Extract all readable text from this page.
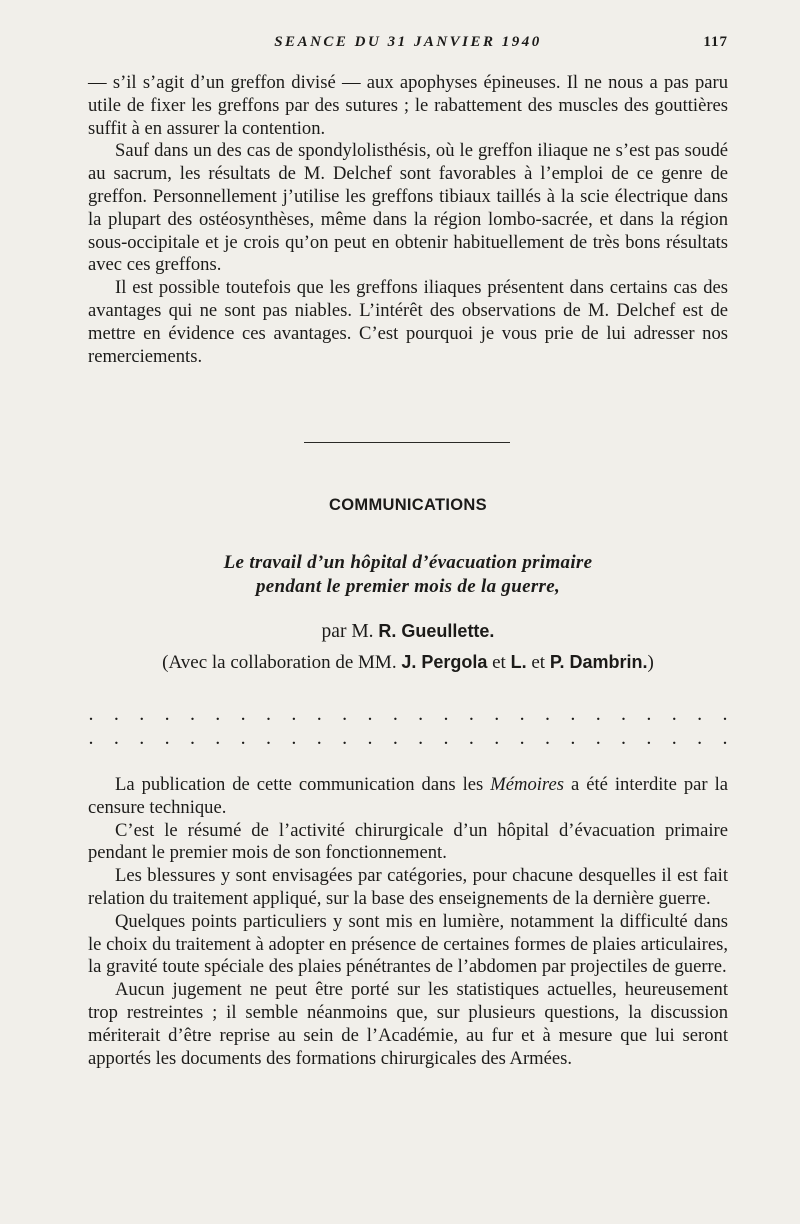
SEANCE DU 31 JANVIER 1940	117

— s’il s’agit d’un greffon divisé — aux apophyses épineuses. Il ne nous a pas paru utile de fixer les greffons par des sutures ; le rabattement des muscles des gouttières suffit à en assurer la contention.

Sauf dans un des cas de spondylolisthésis, où le greffon iliaque ne s’est pas soudé au sacrum, les résultats de M. Delchef sont favorables à l’emploi de ce genre de greffon. Personnellement j’utilise les greffons tibiaux taillés à la scie électrique dans la plupart des ostéosynthèses, même dans la région lombo-sacrée, et dans la région sous-occipitale et je crois qu’on peut en obtenir habituellement de très bons résultats avec ces greffons.

Il est possible toutefois que les greffons iliaques présentent dans certains cas des avantages qui ne sont pas niables. L’intérêt des observations de M. Delchef est de mettre en évidence ces avantages. C’est pourquoi je vous prie de lui adresser nos remerciements.

COMMUNICATIONS
Le travail d’un hôpital d’évacuation primaire
pendant le premier mois de la guerre,
par M. R. Gueullette.
(Avec la collaboration de MM. J. Pergola et L. et P. Dambrin.)
. . . . . . . . . . . . . . . . . . . . . . . . . .
. . . . . . . . . . . . . . . . . . . . . . . . . .

La publication de cette communication dans les Mémoires a été interdite par la censure technique.

C’est le résumé de l’activité chirurgicale d’un hôpital d’évacuation primaire pendant le premier mois de son fonctionnement.

Les blessures y sont envisagées par catégories, pour chacune desquelles il est fait relation du traitement appliqué, sur la base des enseignements de la dernière guerre.

Quelques points particuliers y sont mis en lumière, notamment la difficulté dans le choix du traitement à adopter en présence de certaines formes de plaies articulaires, la gravité toute spéciale des plaies pénétrantes de l’abdomen par projectiles de guerre.

Aucun jugement ne peut être porté sur les statistiques actuelles, heureusement trop restreintes ; il semble néanmoins que, sur plusieurs questions, la discussion mériterait d’être reprise au sein de l’Académie, au fur et à mesure que lui seront apportés les documents des formations chirurgicales des Armées.
